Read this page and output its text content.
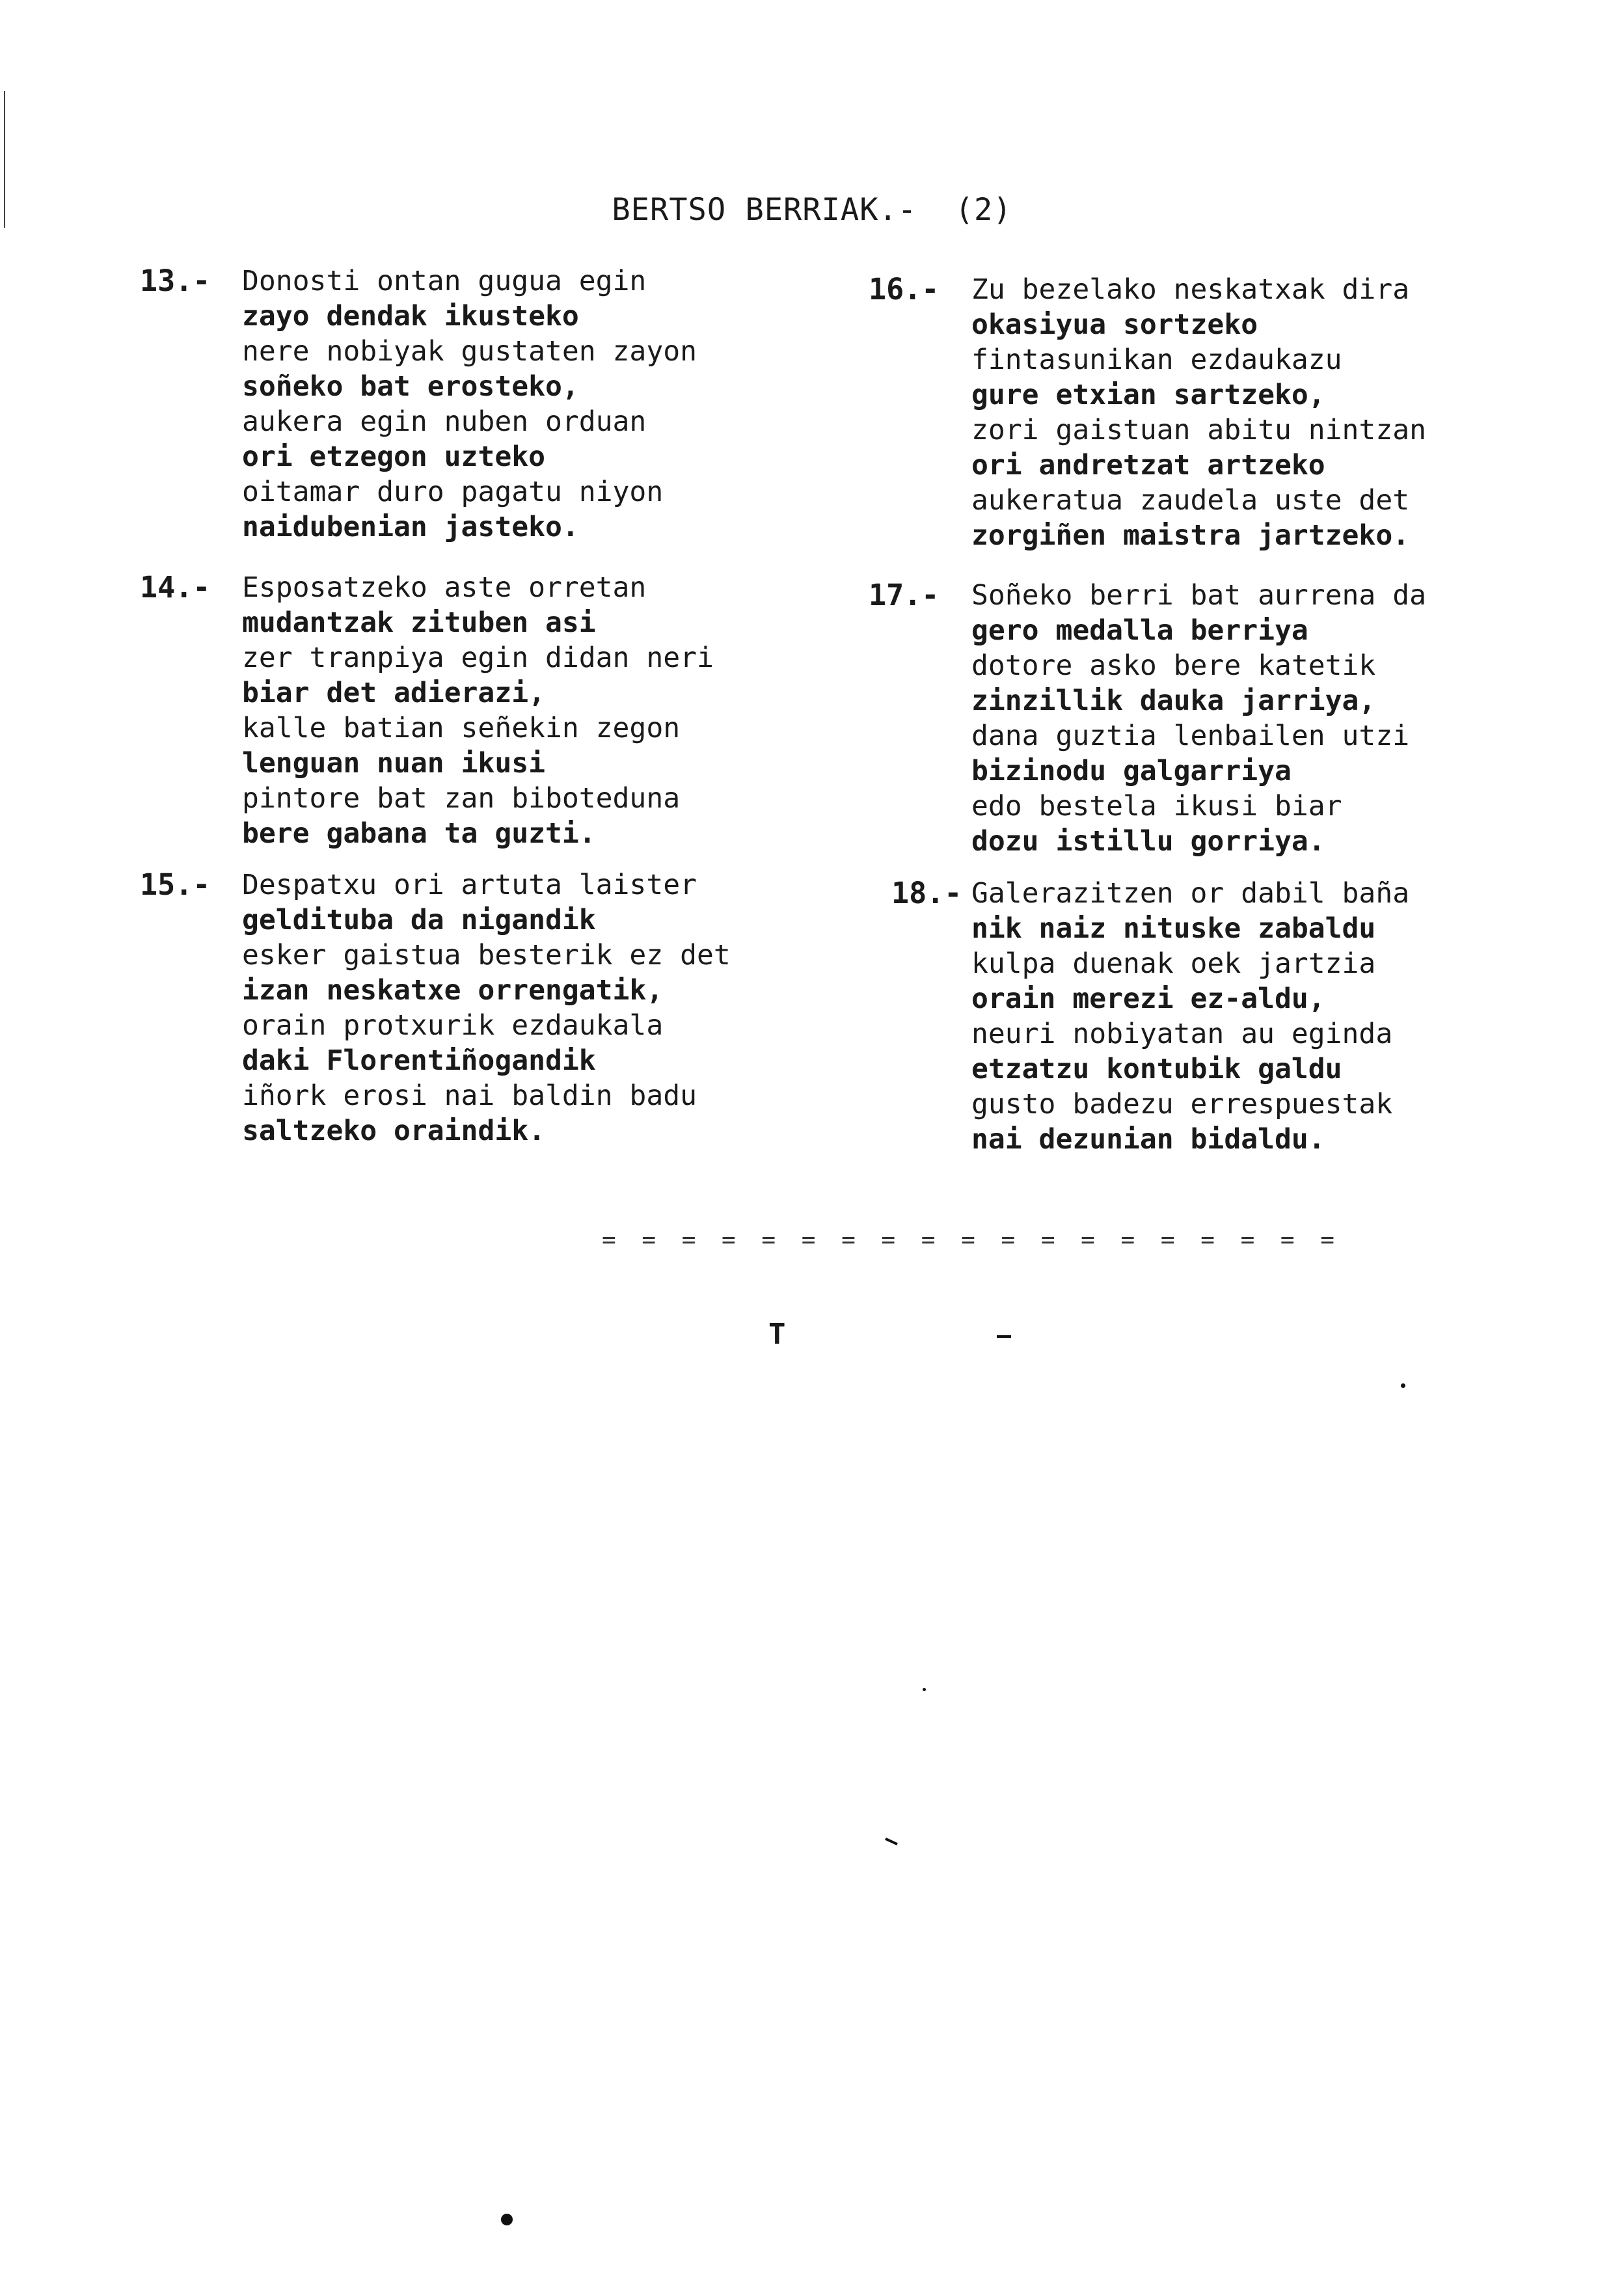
BERTSO BERRIAK.-  (2)
13.- Donosti ontan gugua egin
zayo dendak ikusteko
nere nobiyak gustaten zayon
soñeko bat erosteko,
aukera egin nuben orduan
ori etzegon uzteko
oitamar duro pagatu niyon
naidubenian jasteko.
14.- Esposatzeko aste orretan
mudantzak zituben asi
zer tranpiya egin didan neri
biar det adierazi,
kalle batian señekin zegon
lenguan nuan ikusi
pintore bat zan bibotedunа
bere gabana ta guzti.
15.- Despatxu ori artuta laister
geldituba da nigandik
esker gaistua besterik ez det
izan neskatxe orrengatik,
orain protxurik ezdaukala
daki Florentiñogandik
iñork erosi nai baldin badu
saltzeko oraindik.
16.- Zu bezelako neskatxak dira
okasiyua sortzeko
fintasunikan ezdaukazu
gure etxian sartzeko,
zori gaistuan abitu nintzan
ori andretzat artzeko
aukeratua zaudela uste det
zorgiñen maistra jartzeko.
17.- Soñeko berri bat aurrena da
gero medalla berriya
dotore asko bere katetik
zinzillik dauka jarriya,
dana guztia lenbailen utzi
bizinodu galgarriya
edo bestela ikusi biar
dozu istillu gorriya.
18.- Galerazitzen or dabil baña
nik naiz nituske zabaldu
kulpa duenak oek jartzia
orain merezi ez-aldu,
neuri nobiyatan au egindа
etzatzu kontubik galdu
gusto badezu errespuestak
nai dezunian bidaldu.
= = = = = = = = = = = = = = = = = = =
T
